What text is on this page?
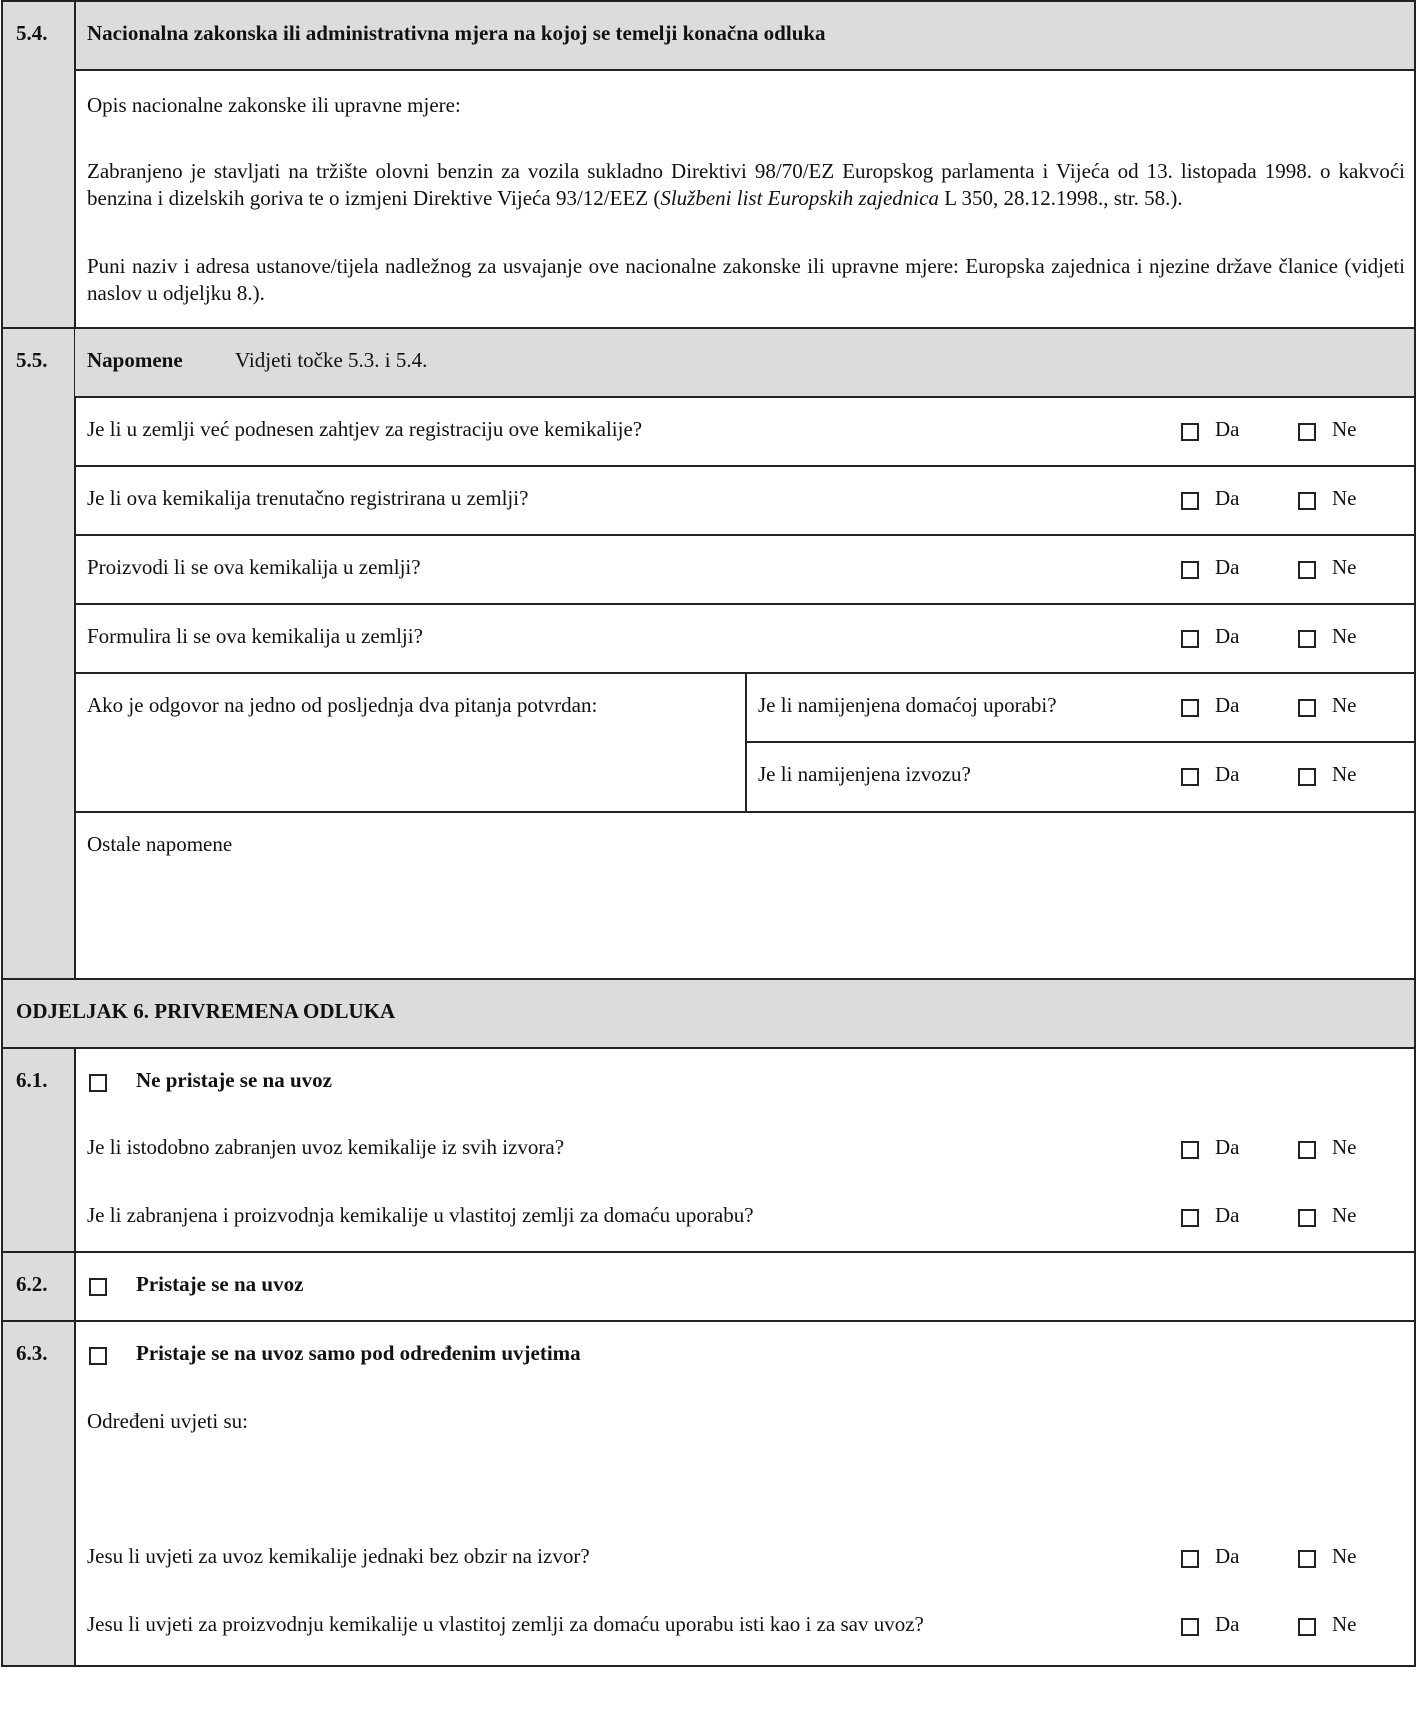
5.4. Nacionalna zakonska ili administrativna mjera na kojoj se temelji konačna odluka
Opis nacionalne zakonske ili upravne mjere:
Zabranjeno je stavljati na tržište olovni benzin za vozila sukladno Direktivi 98/70/EZ Europskog parlamenta i Vijeća od 13. listopada 1998. o kakvoći benzina i dizelskih goriva te o izmjeni Direktive Vijeća 93/12/EEZ (Službeni list Europskih zajednica L 350, 28.12.1998., str. 58.).
Puni naziv i adresa ustanove/tijela nadležnog za usvajanje ove nacionalne zakonske ili upravne mjere: Europska zajednica i njezine države članice (vidjeti naslov u odjeljku 8.).
5.5. Napomene Vidjeti točke 5.3. i 5.4.
Je li u zemlji već podnesen zahtjev za registraciju ove kemikalije?	Da	Ne
Je li ova kemikalija trenutačno registrirana u zemlji?	Da	Ne
Proizvodi li se ova kemikalija u zemlji?	Da	Ne
Formulira li se ova kemikalija u zemlji?	Da	Ne
Ako je odgovor na jedno od posljednja dva pitanja potvrdan:	Je li namijenjena domaćoj uporabi?	Da	Ne
Je li namijenjena izvozu?	Da	Ne
Ostale napomene
ODJELJAK 6. PRIVREMENA ODLUKA
6.1.	Ne pristaje se na uvoz
Je li istodobno zabranjen uvoz kemikalije iz svih izvora?	Da	Ne
Je li zabranjena i proizvodnja kemikalije u vlastitoj zemlji za domaću uporabu?	Da	Ne
6.2.	Pristaje se na uvoz
6.3.	Pristaje se na uvoz samo pod određenim uvjetima
Određeni uvjeti su:
Jesu li uvjeti za uvoz kemikalije jednaki bez obzir na izvor?	Da	Ne
Jesu li uvjeti za proizvodnju kemikalije u vlastitoj zemlji za domaću uporabu isti kao i za sav uvoz?	Da	Ne
